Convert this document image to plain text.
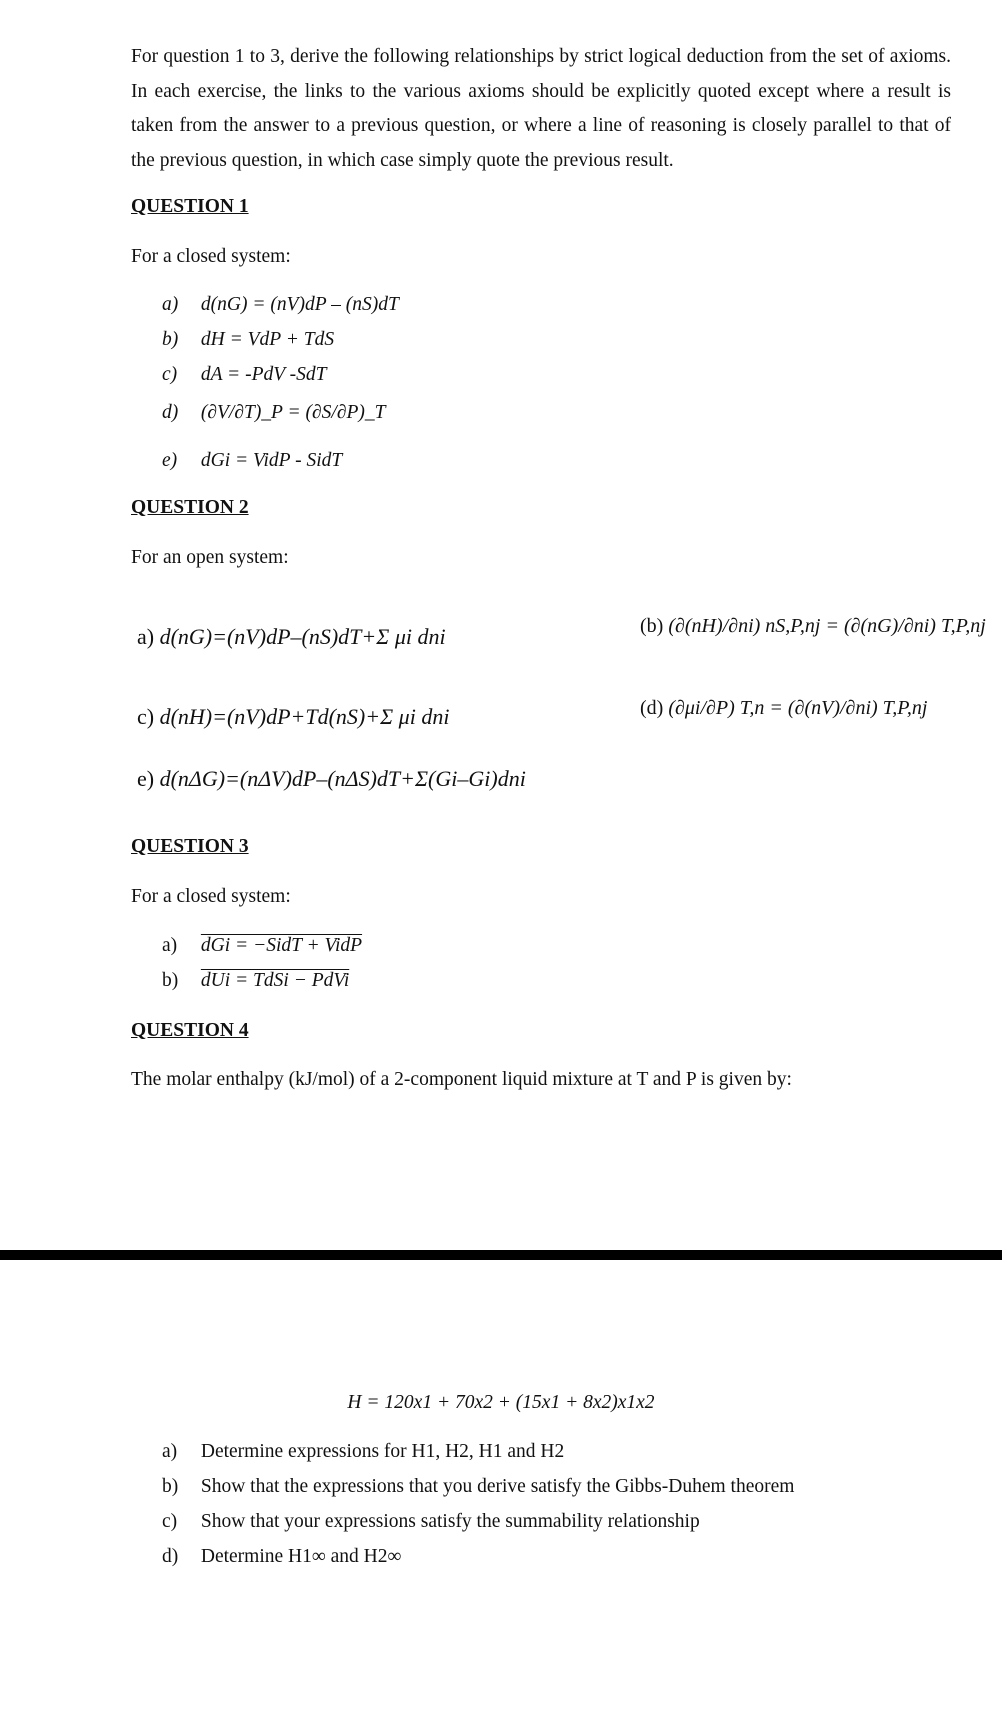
For question 1 to 3, derive the following relationships by strict logical deduction from the set of axioms. In each exercise, the links to the various axioms should be explicitly quoted except where a result is taken from the answer to a previous question, or where a line of reasoning is closely parallel to that of the previous question, in which case simply quote the previous result.
QUESTION 1
For a closed system:
a) d(nG) = (nV)dP – (nS)dT
b) dH = VdP + TdS
c) dA = -PdV -SdT
d) (∂V/∂T)_P = (∂S/∂P)_T
e) dGi = VidP - SidT
QUESTION 2
For an open system:
a) d(nG)=(nV)dP–(nS)dT+Σ μi dni	(b) (∂(nH)/∂ni) nS,P,nj = (∂(nG)/∂ni) T,P,nj
c) d(nH)=(nV)dP+Td(nS)+Σ μi dni	(d) (∂μi/∂P) T,n = (∂(nV)/∂ni) T,P,nj
e) d(nΔG)=(nΔV)dP–(nΔS)dT+Σ(Gi–Gi)dni
QUESTION 3
For a closed system:
a) dGi = −SidT + VidP
b) dUi = TdSi − PdVi
QUESTION 4
The molar enthalpy (kJ/mol) of a 2-component liquid mixture at T and P is given by:
H = 120x1 + 70x2 + (15x1 + 8x2)x1x2
a) Determine expressions for H1, H2, H1 and H2
b) Show that the expressions that you derive satisfy the Gibbs-Duhem theorem
c) Show that your expressions satisfy the summability relationship
d) Determine H1∞ and H2∞
